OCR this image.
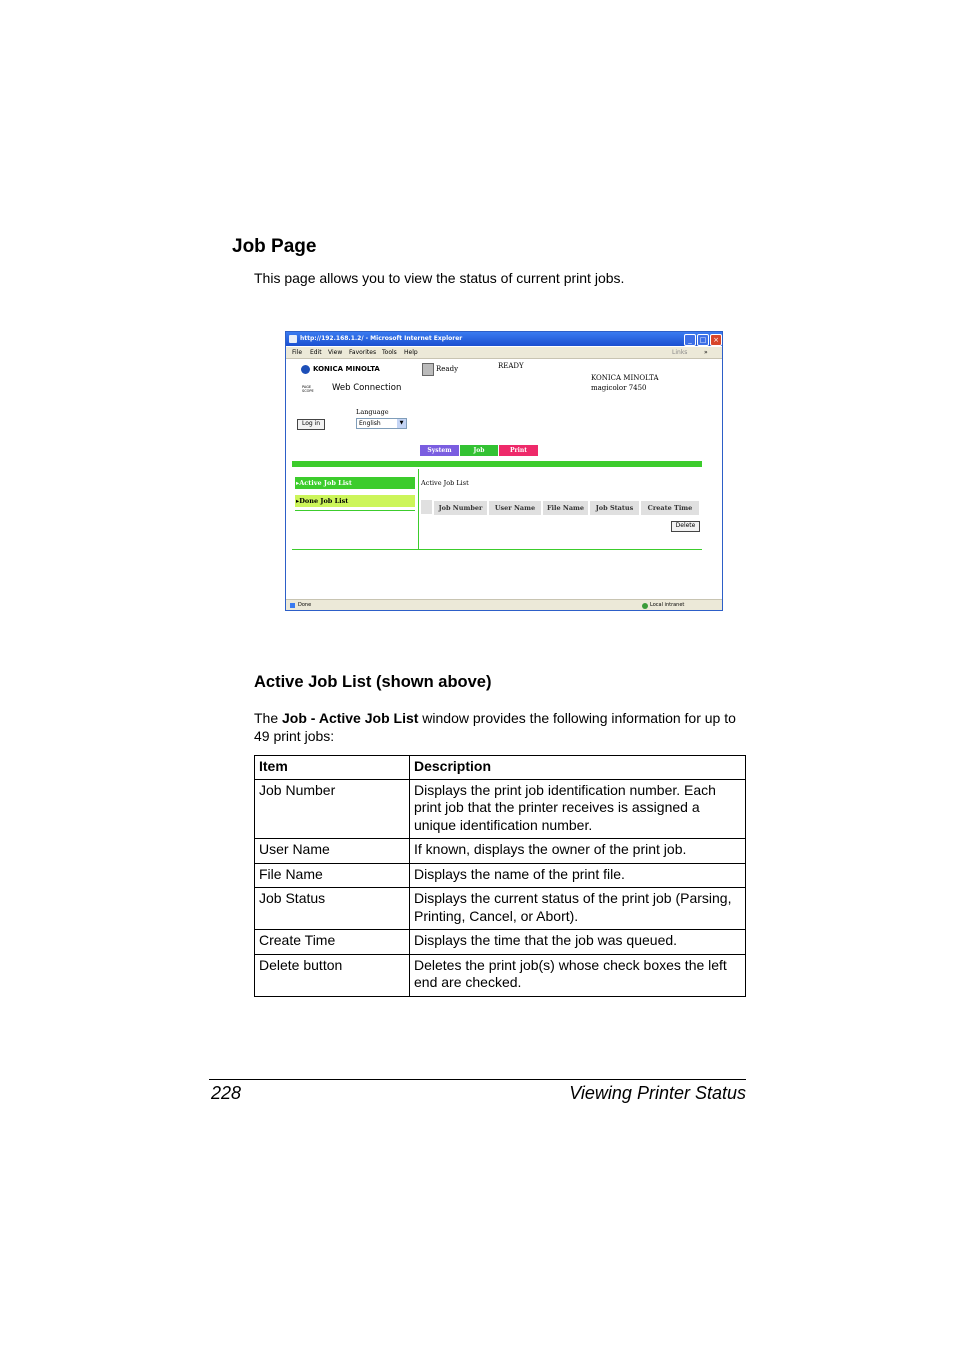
Job Page

This page allows you to view the status of current print jobs.

http://192.168.1.2/ - Microsoft Internet Explorer	_	□ ×
File Edit View Favorites Tools Help	Links	»
KONICA MINOLTA
PAGE SCOPE Web Connection
Ready	READY
KONICA MINOLTA
magicolor 7450
Log in
Language
English	▼
System	Job	Print
▸Active Job List
▸Done Job List
Active Job List
Job Number	User Name	File Name	Job Status	Create Time
Delete
Done	Local intranet
Active Job List (shown above)

The Job - Active Job List window provides the following information for up to 49 print jobs:

Item	Description
Job Number	Displays the print job identification number. Each print job that the printer receives is assigned a unique identification number.
User Name	If known, displays the owner of the print job.
File Name	Displays the name of the print file.
Job Status	Displays the current status of the print job (Parsing, Printing, Cancel, or Abort).
Create Time	Displays the time that the job was queued.
Delete button	Deletes the print job(s) whose check boxes the left end are checked.
228	Viewing Printer Status
